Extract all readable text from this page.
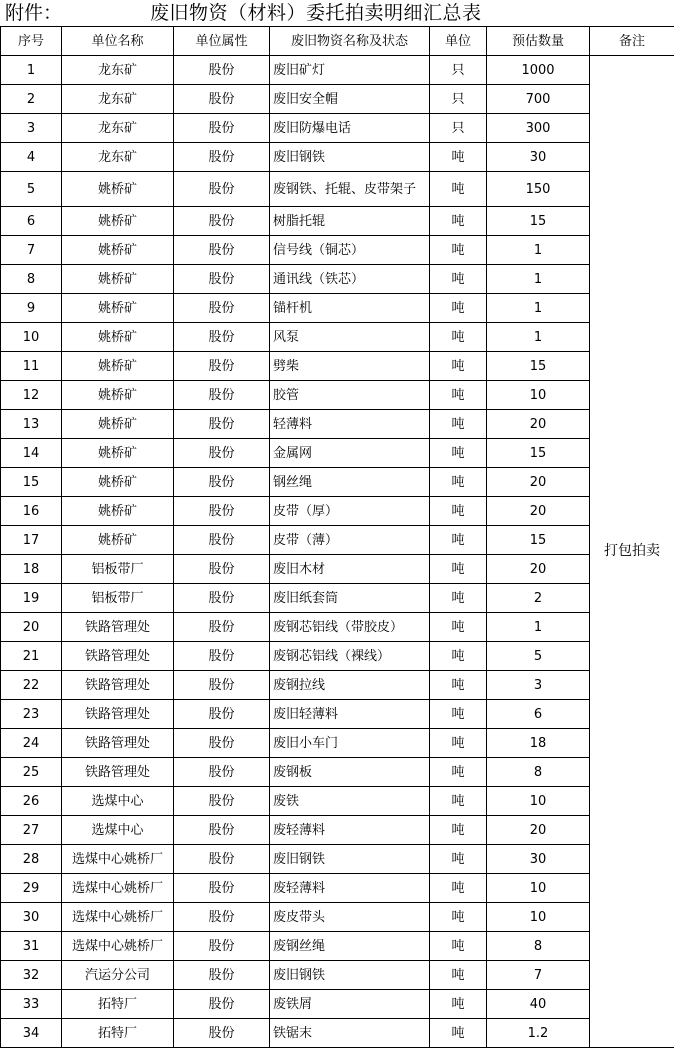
附件：	废旧物资（材料）委托拍卖明细汇总表
序号	单位名称	单位属性	废旧物资名称及状态	单位	预估数量	备注
1	龙东矿	股份	废旧矿灯	只	1000	打包拍卖
2	龙东矿	股份	废旧安全帽	只	700	
3	龙东矿	股份	废旧防爆电话	只	300	
4	龙东矿	股份	废旧钢铁	吨	30	
5	姚桥矿	股份	废钢铁、托辊、皮带架子	吨	150	
6	姚桥矿	股份	树脂托辊	吨	15	
7	姚桥矿	股份	信号线（铜芯）	吨	1	
8	姚桥矿	股份	通讯线（铁芯）	吨	1	
9	姚桥矿	股份	锚杆机	吨	1	
10	姚桥矿	股份	风泵	吨	1	
11	姚桥矿	股份	劈柴	吨	15	
12	姚桥矿	股份	胶管	吨	10	
13	姚桥矿	股份	轻薄料	吨	20	
14	姚桥矿	股份	金属网	吨	15	
15	姚桥矿	股份	钢丝绳	吨	20	
16	姚桥矿	股份	皮带（厚）	吨	20	
17	姚桥矿	股份	皮带（薄）	吨	15	
18	铝板带厂	股份	废旧木材	吨	20	
19	铝板带厂	股份	废旧纸套筒	吨	2	
20	铁路管理处	股份	废钢芯铝线（带胶皮）	吨	1	
21	铁路管理处	股份	废钢芯铝线（裸线）	吨	5	
22	铁路管理处	股份	废钢拉线	吨	3	
23	铁路管理处	股份	废旧轻薄料	吨	6	
24	铁路管理处	股份	废旧小车门	吨	18	
25	铁路管理处	股份	废钢板	吨	8	
26	选煤中心	股份	废铁	吨	10	
27	选煤中心	股份	废轻薄料	吨	20	
28	选煤中心姚桥厂	股份	废旧钢铁	吨	30	
29	选煤中心姚桥厂	股份	废轻薄料	吨	10	
30	选煤中心姚桥厂	股份	废皮带头	吨	10	
31	选煤中心姚桥厂	股份	废钢丝绳	吨	8	
32	汽运分公司	股份	废旧钢铁	吨	7	
33	拓特厂	股份	废铁屑	吨	40	
34	拓特厂	股份	铁锯末	吨	1.2	
